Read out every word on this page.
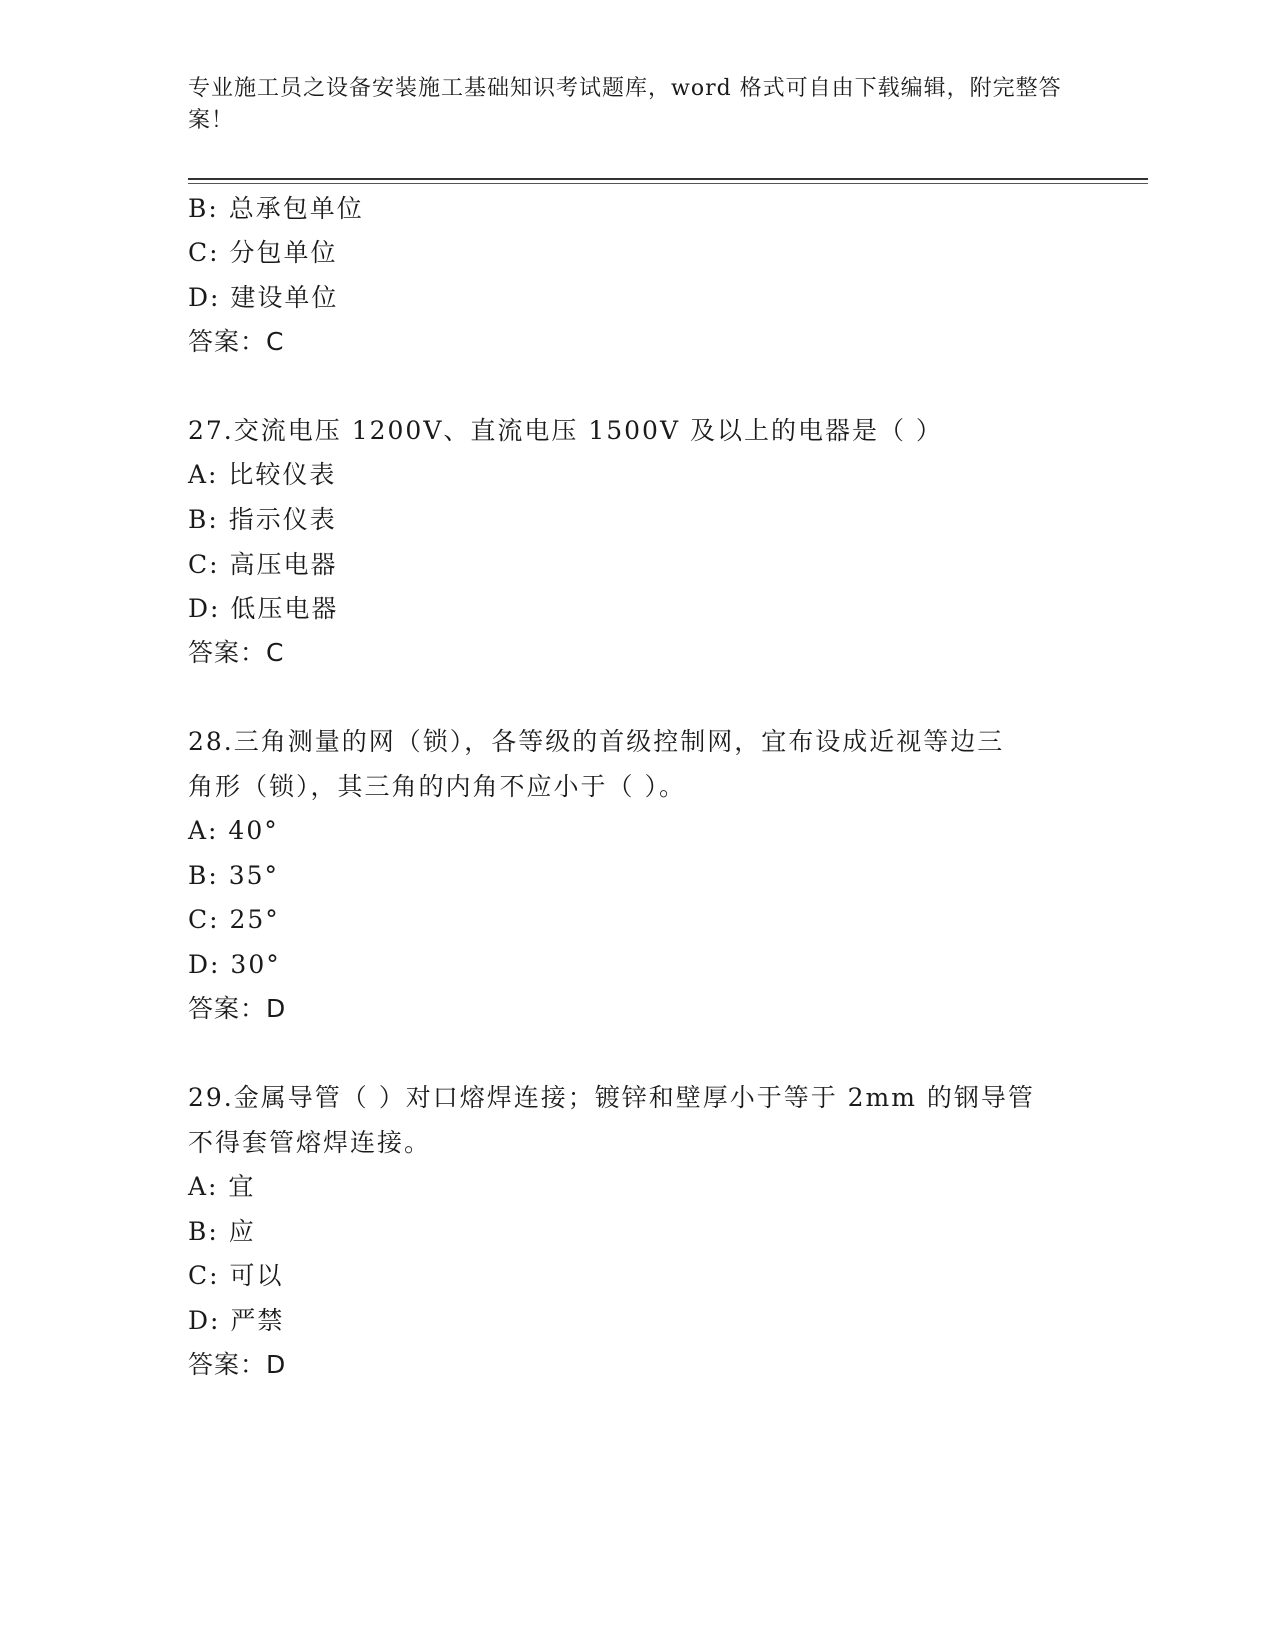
专业施工员之设备安装施工基础知识考试题库，word 格式可自由下载编辑，附完整答案！
B: 总承包单位
C: 分包单位
D: 建设单位
答案：C
27.交流电压 1200V、直流电压 1500V 及以上的电器是（ ）
A: 比较仪表
B: 指示仪表
C: 高压电器
D: 低压电器
答案：C
28.三角测量的网（锁），各等级的首级控制网，宜布设成近视等边三
角形（锁），其三角的内角不应小于（ ）。
A: 40°
B: 35°
C: 25°
D: 30°
答案：D
29.金属导管（ ）对口熔焊连接；镀锌和壁厚小于等于 2mm 的钢导管
不得套管熔焊连接。
A: 宜
B: 应
C: 可以
D: 严禁
答案：D
